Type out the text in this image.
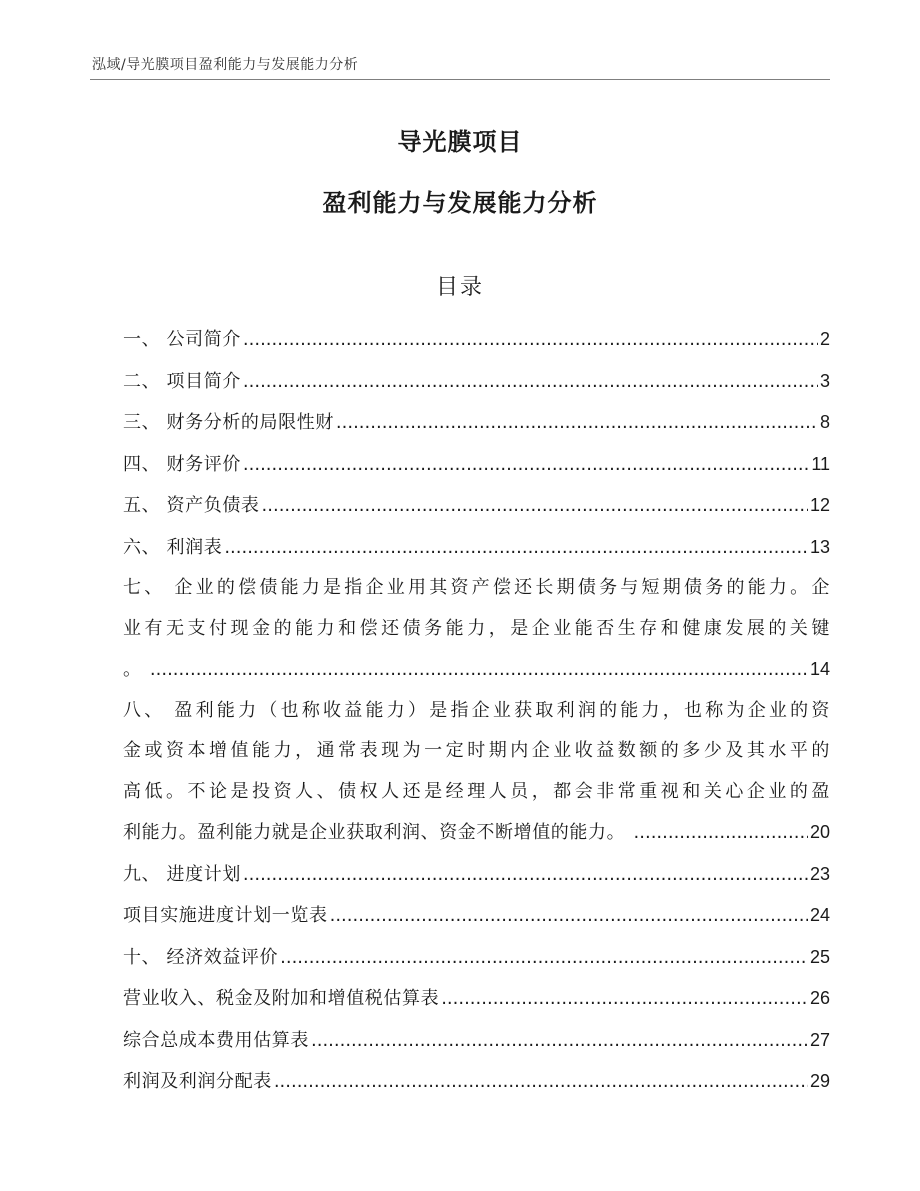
泓域/导光膜项目盈利能力与发展能力分析
导光膜项目
盈利能力与发展能力分析
目录
一、 公司简介 .....	2
二、 项目简介 .....	3
三、 财务分析的局限性财 .....	8
四、 财务评价 .....	11
五、 资产负债表 .....	12
六、 利润表 .....	13
七、 企业的偿债能力是指企业用其资产偿还长期债务与短期债务的能力。企
业有无支付现金的能力和偿还债务能力，是企业能否生存和健康发展的关键
。 .....	14
八、 盈利能力（也称收益能力）是指企业获取利润的能力，也称为企业的资
金或资本增值能力，通常表现为一定时期内企业收益数额的多少及其水平的
高低。不论是投资人、债权人还是经理人员，都会非常重视和关心企业的盈
利能力。盈利能力就是企业获取利润、资金不断增值的能力。 .....	20
九、 进度计划 .....	23
项目实施进度计划一览表 .....	24
十、 经济效益评价 .....	25
营业收入、税金及附加和增值税估算表 .....	26
综合总成本费用估算表 .....	27
利润及利润分配表 .....	29
